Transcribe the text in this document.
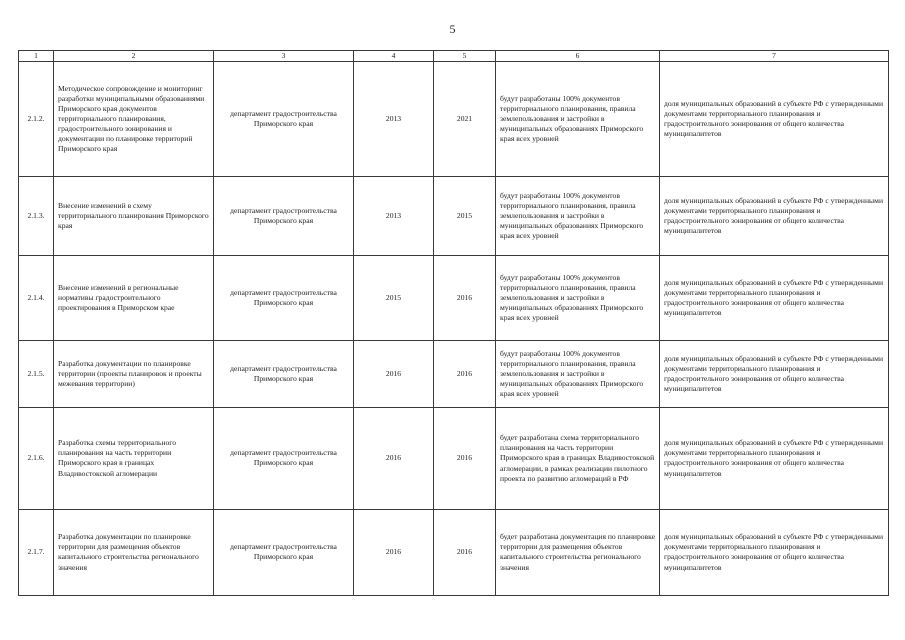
5
1	2	3	4	5	6	7
2.1.2.	Методическое сопровождение и мониторинг разработки муниципальными образованиями Приморского края документов территориального планирования, градостроительного зонирования и документации по планировке территорий Приморского края	департамент градостроительства Приморского края	2013	2021	будут разработаны 100% документов территориального планирования, правила землепользования и застройки в муниципальных образованиях Приморского края всех уровней	доля муниципальных образований в субъекте РФ с утвержденными документами территориального планирования и градостроительного зонирования от общего количества муниципалитетов
2.1.3.	Внесение изменений в схему территориального планирования Приморского края	департамент градостроительства Приморского края	2013	2015	будут разработаны 100% документов территориального планирования, правила землепользования и застройки в муниципальных образованиях Приморского края всех уровней	доля муниципальных образований в субъекте РФ с утвержденными документами территориального планирования и градостроительного зонирования от общего количества муниципалитетов
2.1.4.	Внесение изменений в региональные нормативы градостроительного проектирования в Приморском крае	департамент градостроительства Приморского края	2015	2016	будут разработаны 100% документов территориального планирования, правила землепользования и застройки в муниципальных образованиях Приморского края всех уровней	доля муниципальных образований в субъекте РФ с утвержденными документами территориального планирования и градостроительного зонирования от общего количества муниципалитетов
2.1.5.	Разработка документации по планировке территории (проекты планировок и проекты межевания территории)	департамент градостроительства Приморского края	2016	2016	будут разработаны 100% документов территориального планирования, правила землепользования и застройки в муниципальных образованиях Приморского края всех уровней	доля муниципальных образований в субъекте РФ с утвержденными документами территориального планирования и градостроительного зонирования от общего количества муниципалитетов
2.1.6.	Разработка схемы территориального планирования на часть территории Приморского края в границах Владивостокской агломерации	департамент градостроительства Приморского края	2016	2016	будет разработана схема территориального планирования на часть территории Приморского края в границах Владивостокской агломерации, в рамках реализации пилотного проекта по развитию агломераций в РФ	доля муниципальных образований в субъекте РФ с утвержденными документами территориального планирования и градостроительного зонирования от общего количества муниципалитетов
2.1.7.	Разработка документации по планировке территории для размещения объектов капитального строительства регионального значения	департамент градостроительства Приморского края	2016	2016	будет разработана документация по планировке территории для размещения объектов капитального строительства регионального значения	доля муниципальных образований в субъекте РФ с утвержденными документами территориального планирования и градостроительного зонирования от общего количества муниципалитетов
